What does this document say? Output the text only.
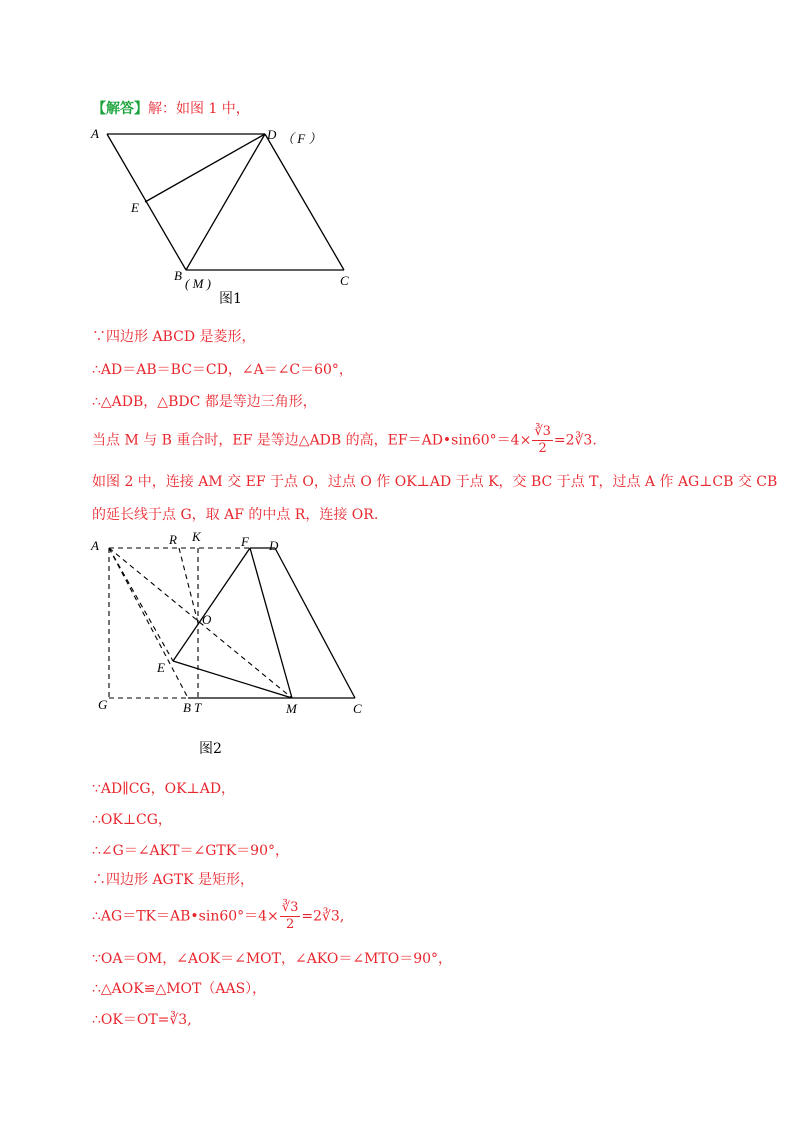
【解答】解：如图 1 中，
A	D （ F ）
E
B
( M )	C
图1
∵四边形 ABCD 是菱形，
∴AD＝AB＝BC＝CD，∠A＝∠C＝60°，
∴△ADB，△BDC 都是等边三角形，
当点 M 与 B 重合时，EF 是等边△ADB 的高，EF＝AD•sin60°＝4× $\frac{∛3}{2}$ =2∛3.
如图 2 中，连接 AM 交 EF 于点 O，过点 O 作 OK⊥AD 于点 K，交 BC 于点 T，过点 A 作 AG⊥CB 交 CB
的延长线于点 G，取 AF 的中点 R，连接 OR.
A	R K	F D
O
E
G	B T	M	C
图2
∵AD∥CG，OK⊥AD，
∴OK⊥CG，
∴∠G＝∠AKT＝∠GTK＝90°，
∴四边形 AGTK 是矩形，
∴AG＝TK＝AB•sin60°＝4× $\frac{∛3}{2}$ =2∛3,
∵OA＝OM，∠AOK＝∠MOT，∠AKO＝∠MTO＝90°，
∴△AOK≌△MOT（AAS），
∴OK＝OT=∛3,
